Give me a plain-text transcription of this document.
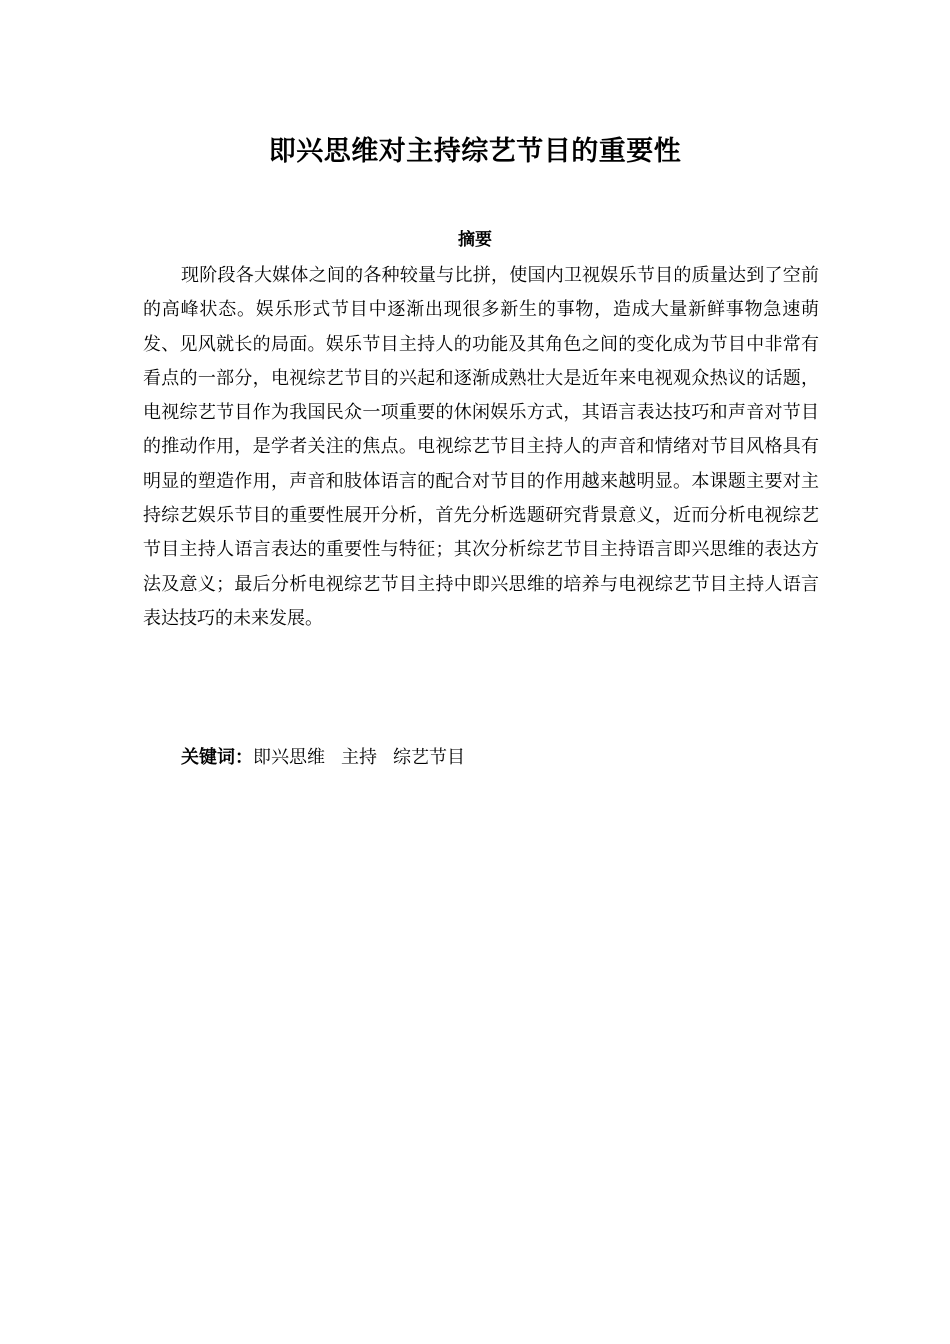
即兴思维对主持综艺节目的重要性
摘要

现阶段各大媒体之间的各种较量与比拼，使国内卫视娱乐节目的质量达到了空前的高峰状态。娱乐形式节目中逐渐出现很多新生的事物，造成大量新鲜事物急速萌发、见风就长的局面。娱乐节目主持人的功能及其角色之间的变化成为节目中非常有看点的一部分，电视综艺节目的兴起和逐渐成熟壮大是近年来电视观众热议的话题，电视综艺节目作为我国民众一项重要的休闲娱乐方式，其语言表达技巧和声音对节目的推动作用，是学者关注的焦点。电视综艺节目主持人的声音和情绪对节目风格具有明显的塑造作用，声音和肢体语言的配合对节目的作用越来越明显。本课题主要对主持综艺娱乐节目的重要性展开分析，首先分析选题研究背景意义，近而分析电视综艺节目主持人语言表达的重要性与特征；其次分析综艺节目主持语言即兴思维的表达方法及意义；最后分析电视综艺节目主持中即兴思维的培养与电视综艺节目主持人语言表达技巧的未来发展。

关键词：即兴思维 主持 综艺节目
